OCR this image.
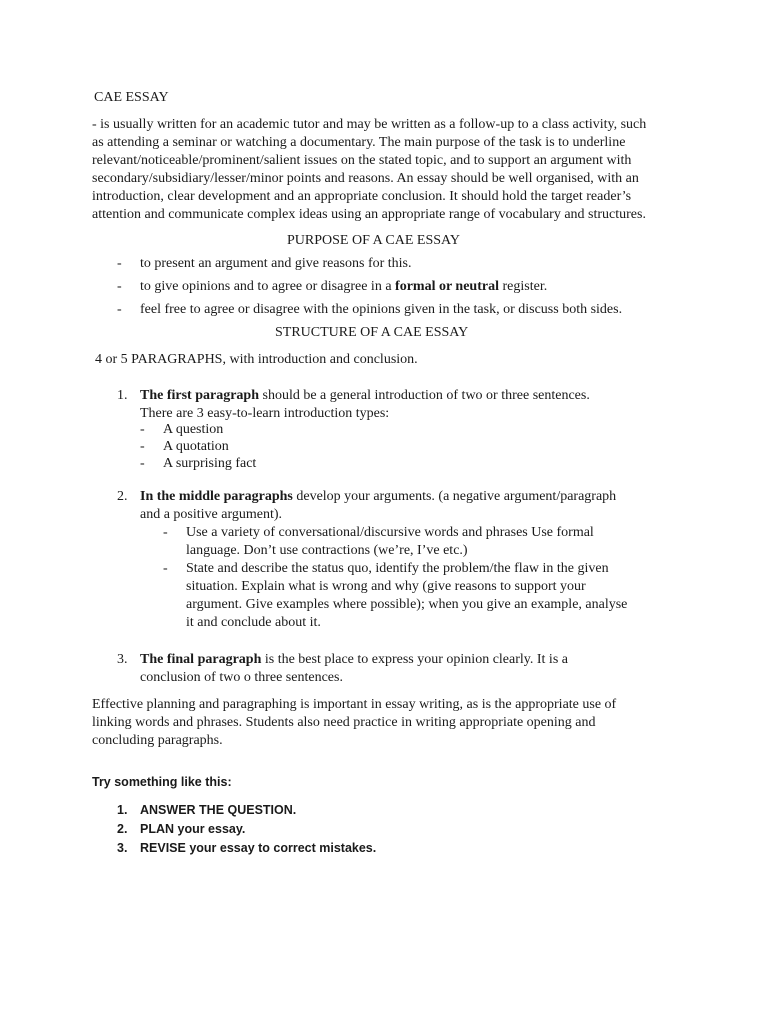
CAE ESSAY
- is usually written for an academic tutor and may be written as a follow-up to a class activity, such
as attending a seminar or watching a documentary. The main purpose of the task is to underline
relevant/noticeable/prominent/salient issues on the stated topic, and to support an argument with
secondary/subsidiary/lesser/minor points and reasons. An essay should be well organised, with an
introduction, clear development and an appropriate conclusion. It should hold the target reader’s
attention and communicate complex ideas using an appropriate range of vocabulary and structures.
PURPOSE OF A CAE ESSAY
- to present an argument and give reasons for this.
- to give opinions and to agree or disagree in a formal or neutral register.
- feel free to agree or disagree with the opinions given in the task, or discuss both sides.
STRUCTURE OF A CAE ESSAY
4 or 5 PARAGRAPHS, with introduction and conclusion.
1. The first paragraph should be a general introduction of two or three sentences.
There are 3 easy-to-learn introduction types:
- A question
- A quotation
- A surprising fact
2. In the middle paragraphs develop your arguments. (a negative argument/paragraph
and a positive argument).
- Use a variety of conversational/discursive words and phrases Use formal
language. Don’t use contractions (we’re, I’ve etc.)
- State and describe the status quo, identify the problem/the flaw in the given
situation. Explain what is wrong and why (give reasons to support your
argument. Give examples where possible); when you give an example, analyse
it and conclude about it.
3. The final paragraph is the best place to express your opinion clearly. It is a
conclusion of two o three sentences.
Effective planning and paragraphing is important in essay writing, as is the appropriate use of
linking words and phrases. Students also need practice in writing appropriate opening and
concluding paragraphs.
Try something like this:
1. ANSWER THE QUESTION.
2. PLAN your essay.
3. REVISE your essay to correct mistakes.
